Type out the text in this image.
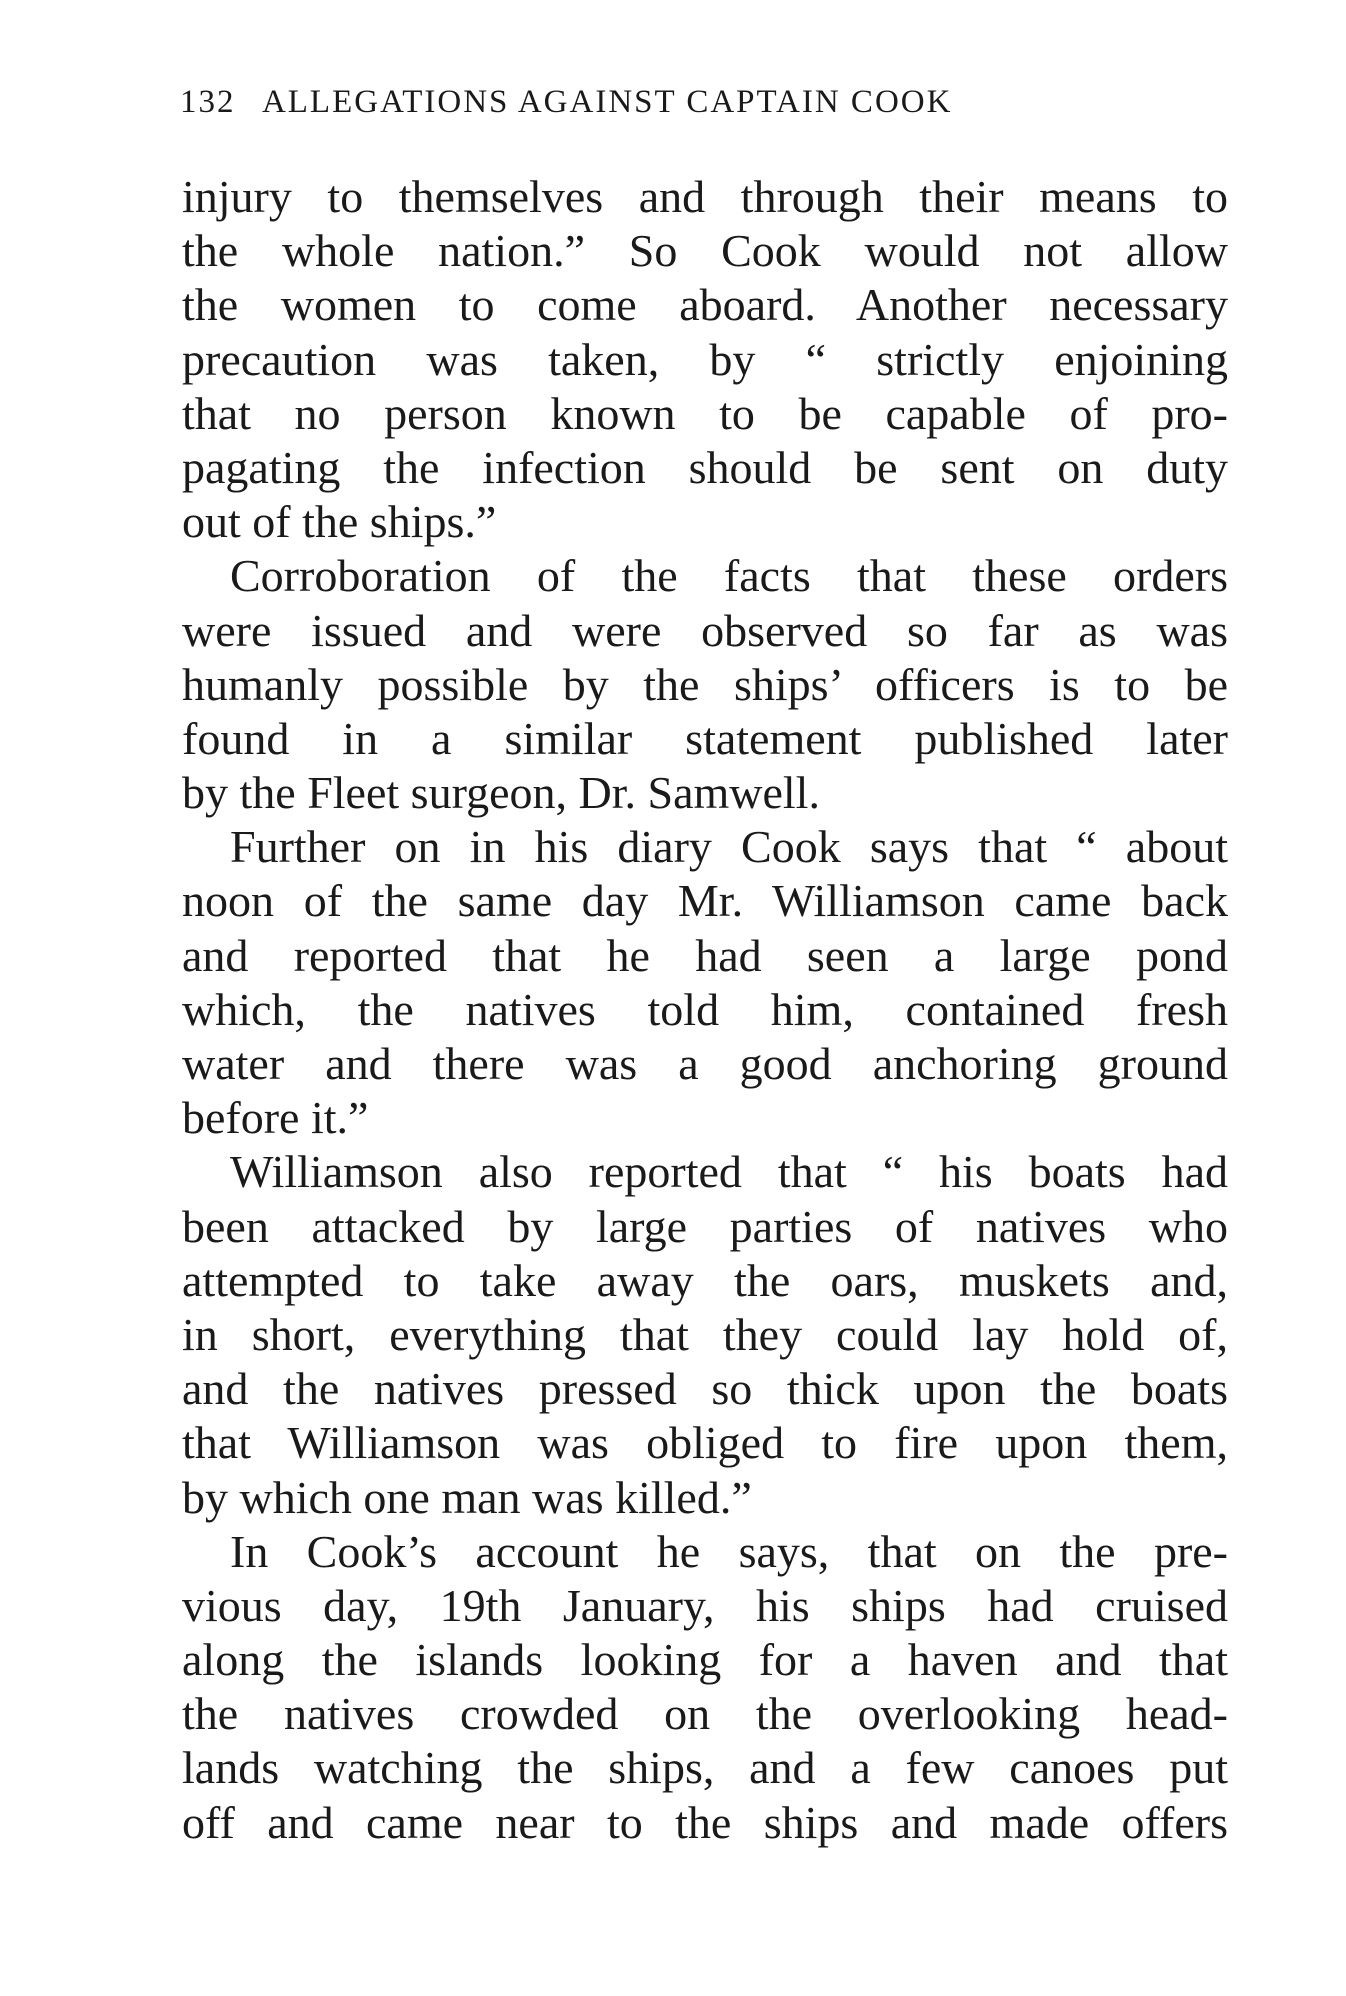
132 ALLEGATIONS AGAINST CAPTAIN COOK
injury to themselves and through their means to
the whole nation.” So Cook would not allow
the women to come aboard. Another necessary
precaution was taken, by “ strictly enjoining
that no person known to be capable of pro-
pagating the infection should be sent on duty
out of the ships.”
Corroboration of the facts that these orders
were issued and were observed so far as was
humanly possible by the ships’ officers is to be
found in a similar statement published later
by the Fleet surgeon, Dr. Samwell.
Further on in his diary Cook says that “ about
noon of the same day Mr. Williamson came back
and reported that he had seen a large pond
which, the natives told him, contained fresh
water and there was a good anchoring ground
before it.”
Williamson also reported that “ his boats had
been attacked by large parties of natives who
attempted to take away the oars, muskets and,
in short, everything that they could lay hold of,
and the natives pressed so thick upon the boats
that Williamson was obliged to fire upon them,
by which one man was killed.”
In Cook’s account he says, that on the pre-
vious day, 19th January, his ships had cruised
along the islands looking for a haven and that
the natives crowded on the overlooking head-
lands watching the ships, and a few canoes put
off and came near to the ships and made offers
